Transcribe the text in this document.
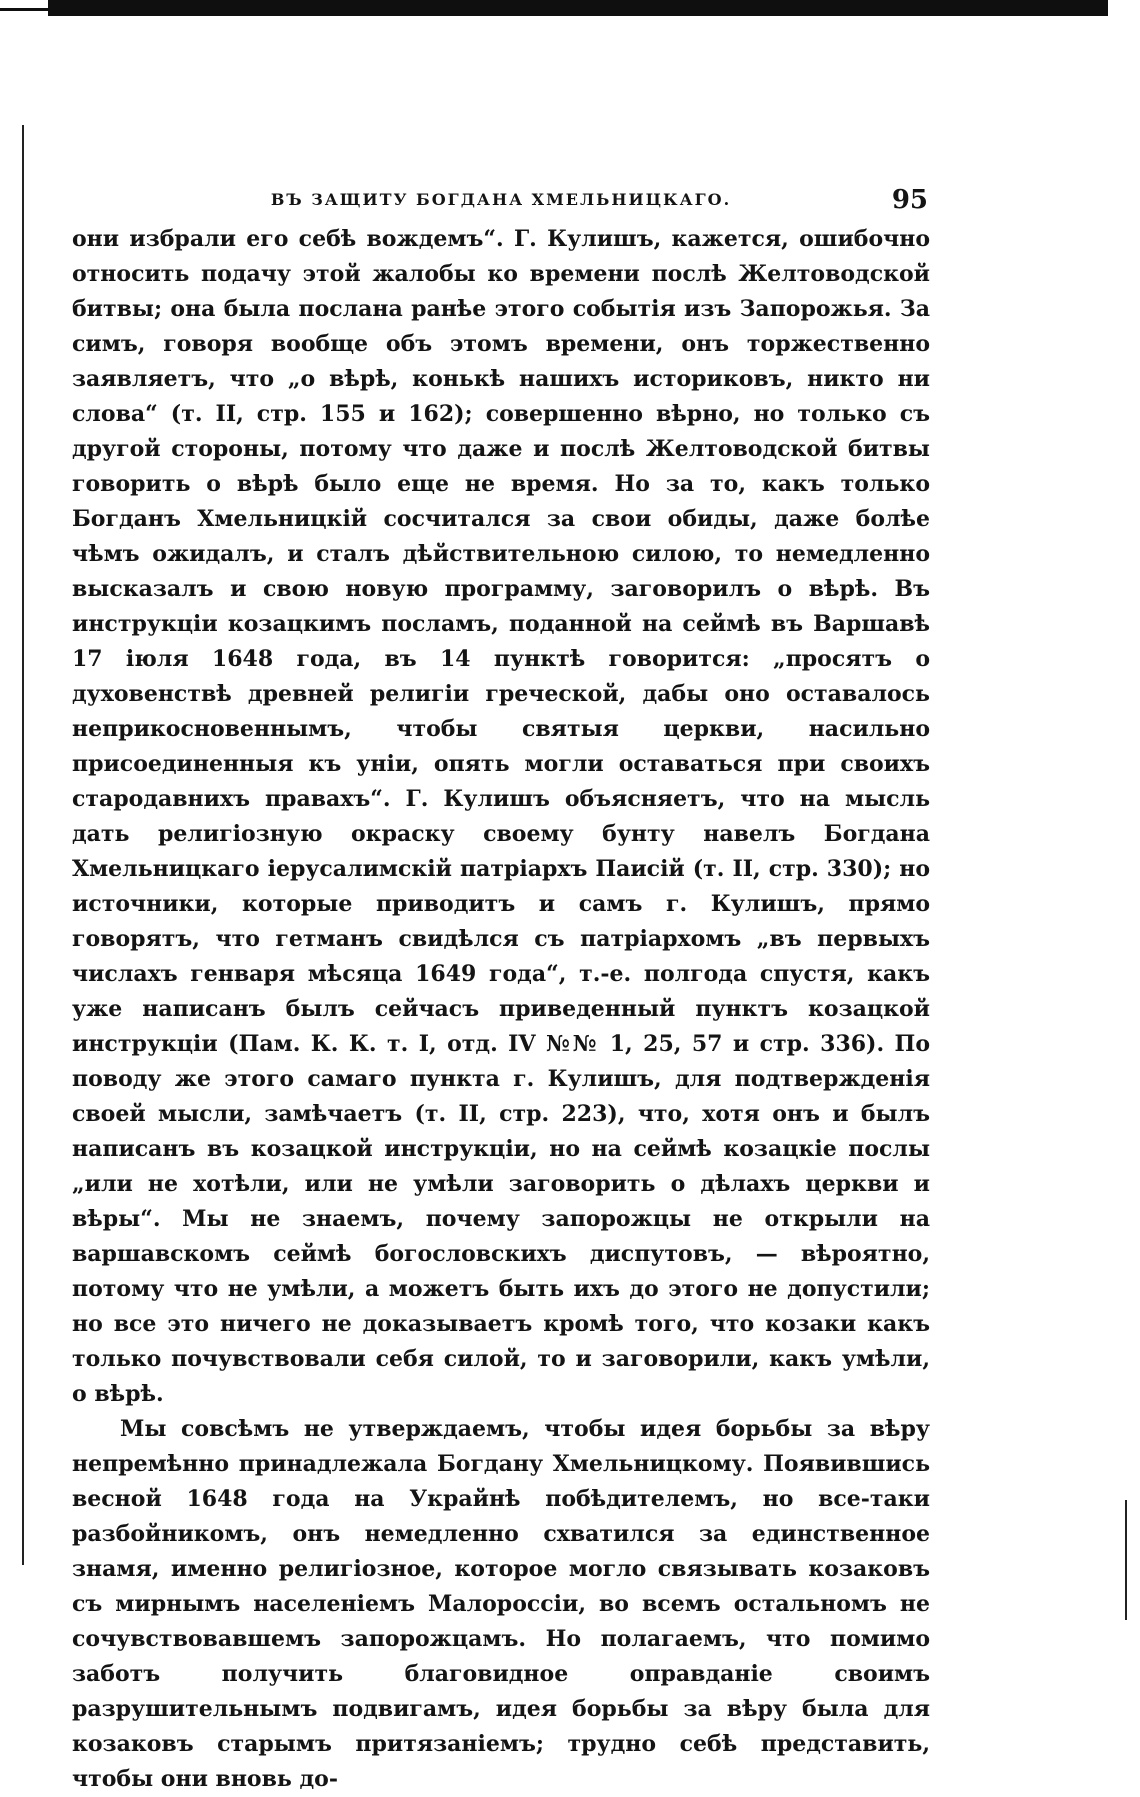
ВЪ ЗАЩИТУ БОГДАНА ХМЕЛЬНИЦКАГО.	95

они избрали его себѣ вождемъ“. Г. Кулишъ, кажется, ошибочно относить подачу этой жалобы ко времени послѣ Желтоводской битвы; она была послана ранѣе этого событія изъ Запорожья. За симъ, говоря вообще объ этомъ времени, онъ торжественно заявляетъ, что „о вѣрѣ, конькѣ нашихъ историковъ, никто ни слова“ (т. II, стр. 155 и 162); совершенно вѣрно, но только съ другой стороны, потому что даже и послѣ Желтоводской битвы говорить о вѣрѣ было еще не время. Но за то, какъ только Богданъ Хмельницкій сосчитался за свои обиды, даже болѣе чѣмъ ожидалъ, и сталъ дѣйствительною силою, то немедленно высказалъ и свою новую программу, заговорилъ о вѣрѣ. Въ инструкціи козацкимъ посламъ, поданной на сеймѣ въ Варшавѣ 17 іюля 1648 года, въ 14 пунктѣ говорится: „просятъ о духовенствѣ древней религіи греческой, дабы оно оставалось неприкосновеннымъ, чтобы святыя церкви, насильно присоединенныя къ уніи, опять могли оставаться при своихъ стародавнихъ правахъ“. Г. Кулишъ объясняетъ, что на мысль дать религіозную окраску своему бунту навелъ Богдана Хмельницкаго іерусалимскій патріархъ Паисій (т. II, стр. 330); но источники, которые приводитъ и самъ г. Кулишъ, прямо говорятъ, что гетманъ свидѣлся съ патріархомъ „въ первыхъ числахъ генваря мѣсяца 1649 года“, т.-е. полгода спустя, какъ уже написанъ былъ сейчасъ приведенный пунктъ козацкой инструкціи (Пам. К. К. т. I, отд. IV №№ 1, 25, 57 и стр. 336). По поводу же этого самаго пункта г. Кулишъ, для подтвержденія своей мысли, замѣчаетъ (т. II, стр. 223), что, хотя онъ и былъ написанъ въ козацкой инструкціи, но на сеймѣ козацкіе послы „или не хотѣли, или не умѣли заговорить о дѣлахъ церкви и вѣры“. Мы не знаемъ, почему запорожцы не открыли на варшавскомъ сеймѣ богословскихъ диспутовъ, — вѣроятно, потому что не умѣли, а можетъ быть ихъ до этого не допустили; но все это ничего не доказываетъ кромѣ того, что козаки какъ только почувствовали себя силой, то и заговорили, какъ умѣли, о вѣрѣ.

Мы совсѣмъ не утверждаемъ, чтобы идея борьбы за вѣру непремѣнно принадлежала Богдану Хмельницкому. Появившись весной 1648 года на Украйнѣ побѣдителемъ, но все-таки разбойникомъ, онъ немедленно схватился за единственное знамя, именно религіозное, которое могло связывать козаковъ съ мирнымъ населеніемъ Малороссіи, во всемъ остальномъ не сочувствовавшемъ запорожцамъ. Но полагаемъ, что помимо заботъ получить благовидное оправданіе своимъ разрушительнымъ подвигамъ, идея борьбы за вѣру была для козаковъ старымъ притязаніемъ; трудно себѣ представить, чтобы они вновь до-
